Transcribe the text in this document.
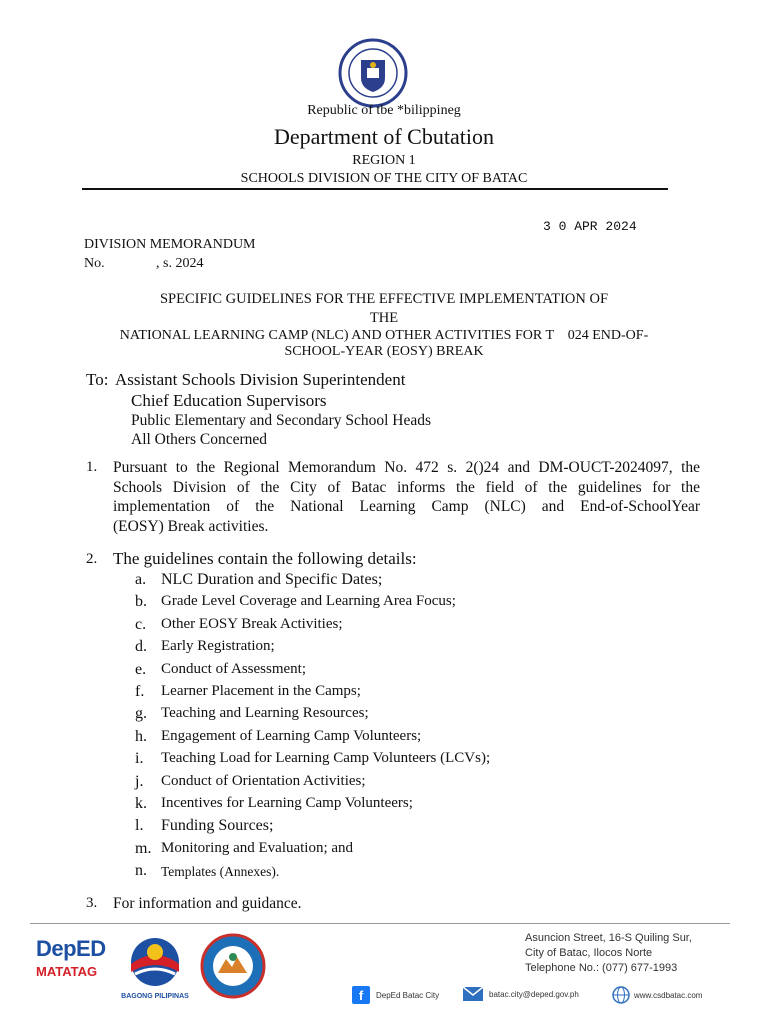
Republic of tbe *bilippineg
Department of Cbutation
REGION 1
SCHOOLS DIVISION OF THE CITY OF BATAC
3 0 APR 2024
DIVISION MEMORANDUM
No.	, s. 2024
SPECIFIC GUIDELINES FOR THE EFFECTIVE IMPLEMENTATION OF
THE
NATIONAL LEARNING CAMP (NLC) AND OTHER ACTIVITIES FOR T    024 END-OF-
SCHOOL-YEAR (EOSY) BREAK
To: Assistant Schools Division Superintendent
Chief Education Supervisors
Public Elementary and Secondary School Heads
All Others Concerned
1. Pursuant to the Regional Memorandum No. 472 s. 2()24 and DM-OUCT-2024097, the
Schools Division of the City of Batac informs the field of the guidelines for the
implementation of the National Learning Camp (NLC) and End-of-SchoolYear
(EOSY) Break activities.
2. The guidelines contain the following details:
a. NLC Duration and Specific Dates;
b. Grade Level Coverage and Learning Area Focus;
c. Other EOSY Break Activities;
d. Early Registration;
e. Conduct of Assessment;
f.	Learner Placement in the Camps;
g. Teaching and Learning Resources;
h. Engagement of Learning Camp Volunteers;
i.	Teaching Load for Learning Camp Volunteers (LCVs);
j.	Conduct of Orientation Activities;
k. Incentives for Learning Camp Volunteers;
l.	Funding Sources;
m. Monitoring and Evaluation; and
n.	Templates (Annexes).
3. For information and guidance.
DepED
MATATAG
BAGONG PILIPINAS
Asuncion Street, 16-S Quiling Sur,
City of Batac, Ilocos Norte
Telephone No.: (077) 677-1993
f	DepEd Batac City	batac.city@deped.gov.ph	www.csdbatac.com
